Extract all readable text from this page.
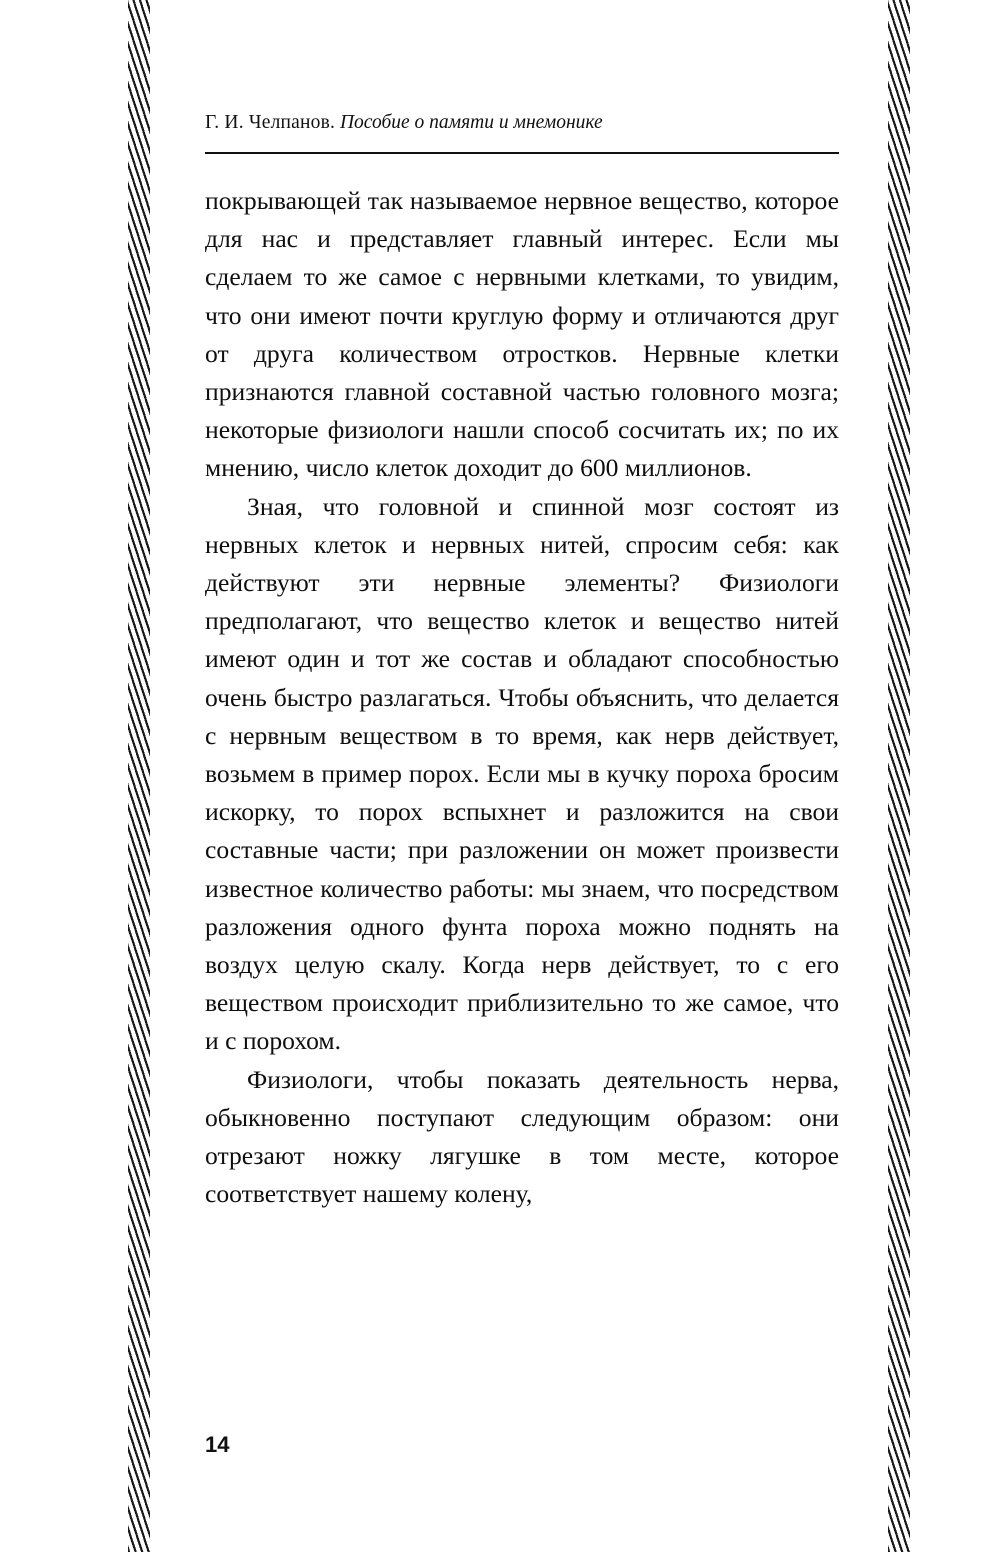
Г. И. Челпанов. Пособие о памяти и мнемонике

покрывающей так называемое нервное вещество, которое для нас и представляет главный интерес. Если мы сделаем то же самое с нервными клетками, то увидим, что они имеют почти круглую форму и отличаются друг от друга количеством отростков. Нервные клетки признаются главной составной частью головного мозга; некоторые физиологи нашли способ сосчитать их; по их мнению, число клеток доходит до 600 миллионов.

Зная, что головной и спинной мозг состоят из нервных клеток и нервных нитей, спросим себя: как действуют эти нервные элементы? Физиологи предполагают, что вещество клеток и вещество нитей имеют один и тот же состав и обладают способностью очень быстро разлагаться. Чтобы объяснить, что делается с нервным веществом в то время, как нерв действует, возьмем в пример порох. Если мы в кучку пороха бросим искорку, то порох вспыхнет и разложится на свои составные части; при разложении он может произвести известное количество работы: мы знаем, что посредством разложения одного фунта пороха можно поднять на воздух целую скалу. Когда нерв действует, то с его веществом происходит приблизительно то же самое, что и с порохом.

Физиологи, чтобы показать деятельность нерва, обыкновенно поступают следующим образом: они отрезают ножку лягушке в том месте, которое соответствует нашему колену,

14
